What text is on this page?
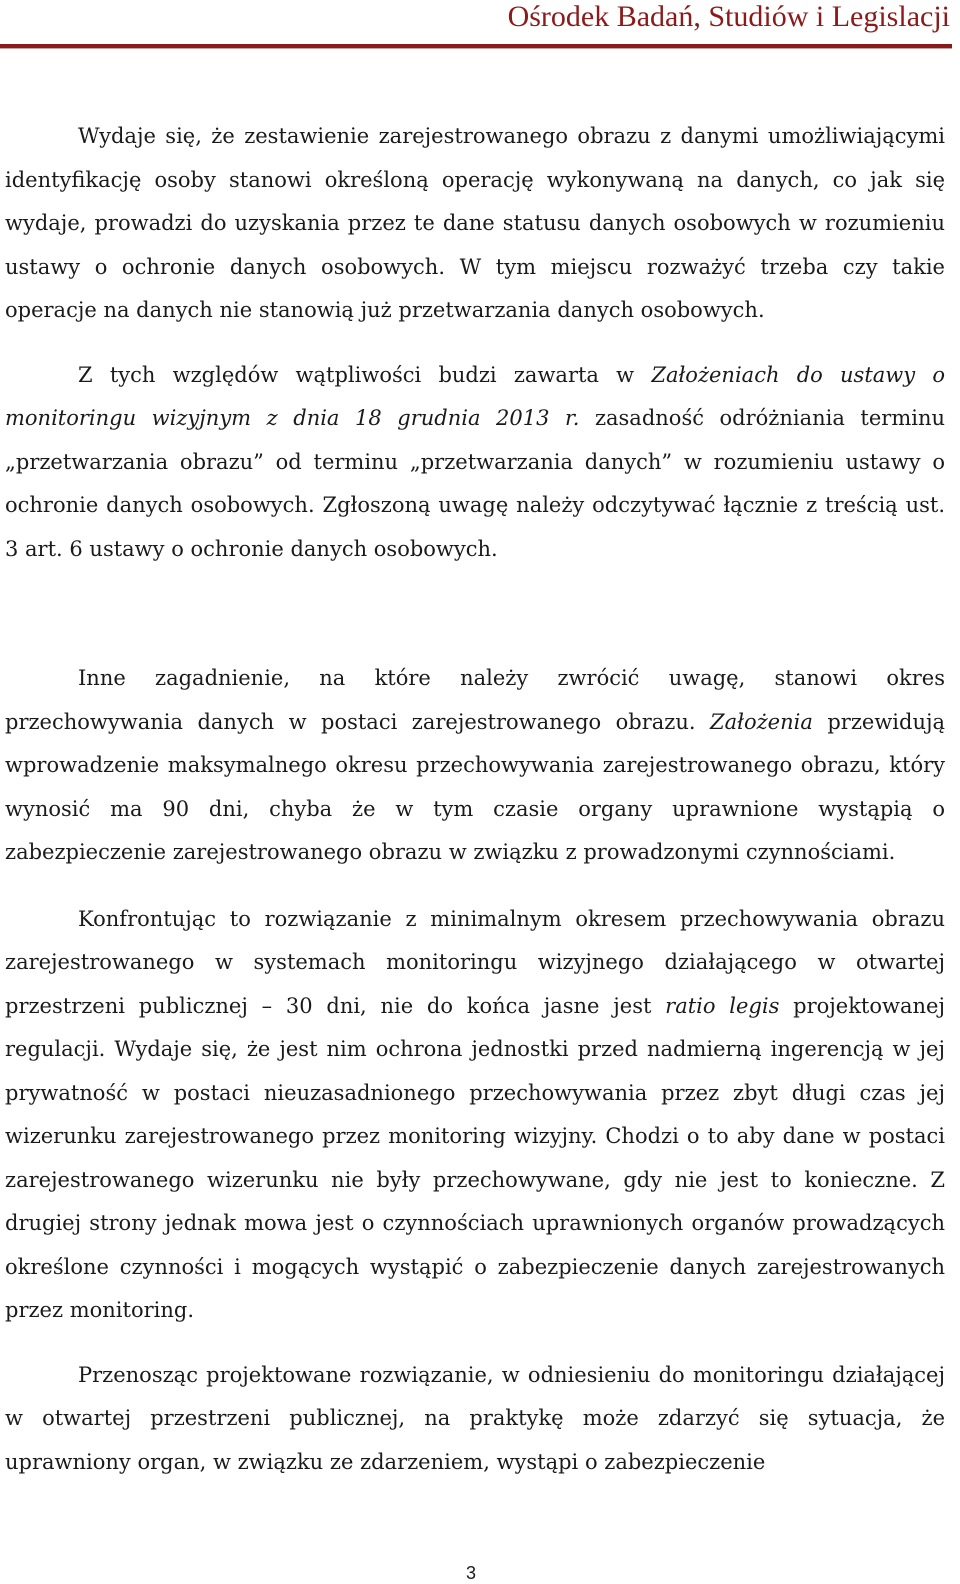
Ośrodek Badań, Studiów i Legislacji

Wydaje się, że zestawienie zarejestrowanego obrazu z danymi umożliwiającymi identyfikację osoby stanowi określoną operację wykonywaną na danych, co jak się wydaje, prowadzi do uzyskania przez te dane statusu danych osobowych w rozumieniu ustawy o ochronie danych osobowych. W tym miejscu rozważyć trzeba czy takie operacje na danych nie stanowią już przetwarzania danych osobowych.

Z tych względów wątpliwości budzi zawarta w Założeniach do ustawy o monitoringu wizyjnym z dnia 18 grudnia 2013 r. zasadność odróżniania terminu „przetwarzania obrazu” od terminu „przetwarzania danych” w rozumieniu ustawy o ochronie danych osobowych. Zgłoszoną uwagę należy odczytywać łącznie z treścią ust. 3 art. 6 ustawy o ochronie danych osobowych.

Inne zagadnienie, na które należy zwrócić uwagę, stanowi okres przechowywania danych w postaci zarejestrowanego obrazu. Założenia przewidują wprowadzenie maksymalnego okresu przechowywania zarejestrowanego obrazu, który wynosić ma 90 dni, chyba że w tym czasie organy uprawnione wystąpią o zabezpieczenie zarejestrowanego obrazu w związku z prowadzonymi czynnościami.

Konfrontując to rozwiązanie z minimalnym okresem przechowywania obrazu zarejestrowanego w systemach monitoringu wizyjnego działającego w otwartej przestrzeni publicznej – 30 dni, nie do końca jasne jest ratio legis projektowanej regulacji. Wydaje się, że jest nim ochrona jednostki przed nadmierną ingerencją w jej prywatność w postaci nieuzasadnionego przechowywania przez zbyt długi czas jej wizerunku zarejestrowanego przez monitoring wizyjny. Chodzi o to aby dane w postaci zarejestrowanego wizerunku nie były przechowywane, gdy nie jest to konieczne. Z drugiej strony jednak mowa jest o czynnościach uprawnionych organów prowadzących określone czynności i mogących wystąpić o zabezpieczenie danych zarejestrowanych przez monitoring.

Przenosząc projektowane rozwiązanie, w odniesieniu do monitoringu działającej w otwartej przestrzeni publicznej, na praktykę może zdarzyć się sytuacja, że uprawniony organ, w związku ze zdarzeniem, wystąpi o zabezpieczenie

3
